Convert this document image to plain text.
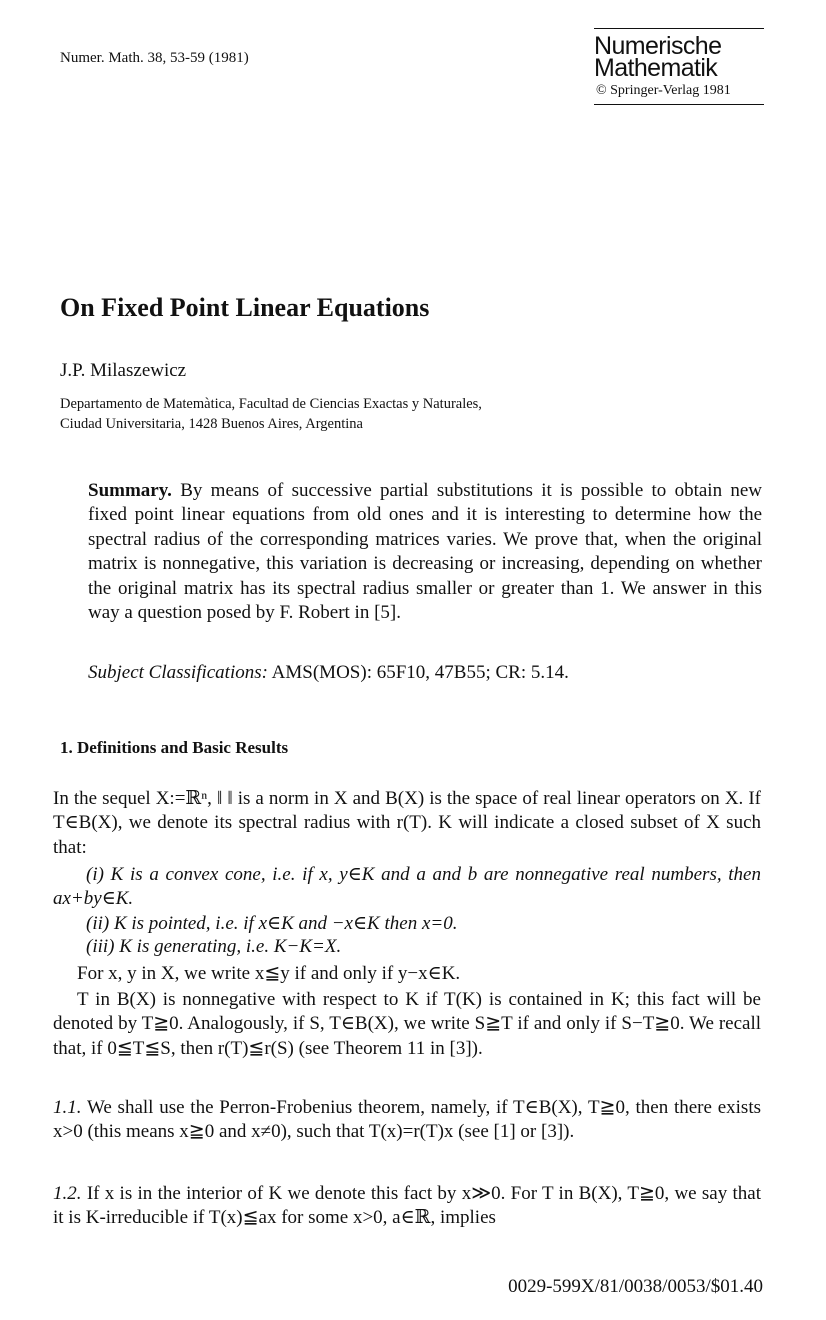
Numer. Math. 38, 53-59 (1981)	Numerische
Mathematik
© Springer-Verlag 1981
On Fixed Point Linear Equations
J.P. Milaszewicz
Departamento de Matemàtica, Facultad de Ciencias Exactas y Naturales,
Ciudad Universitaria, 1428 Buenos Aires, Argentina

Summary. By means of successive partial substitutions it is possible to obtain new fixed point linear equations from old ones and it is interesting to determine how the spectral radius of the corresponding matrices varies. We prove that, when the original matrix is nonnegative, this variation is decreasing or increasing, depending on whether the original matrix has its spectral radius smaller or greater than 1. We answer in this way a question posed by F. Robert in [5].

Subject Classifications: AMS(MOS): 65F10, 47B55; CR: 5.14.
1. Definitions and Basic Results

In the sequel X:=ℝⁿ, ‖ ‖ is a norm in X and B(X) is the space of real linear operators on X. If T∈B(X), we denote its spectral radius with r(T). K will indicate a closed subset of X such that:

(i) K is a convex cone, i.e. if x, y∈K and a and b are nonnegative real numbers, then ax+by∈K.

(ii) K is pointed, i.e. if x∈K and −x∈K then x=0.
(iii) K is generating, i.e. K−K=X.

For x, y in X, we write x≦y if and only if y−x∈K.

T in B(X) is nonnegative with respect to K if T(K) is contained in K; this fact will be denoted by T≧0. Analogously, if S, T∈B(X), we write S≧T if and only if S−T≧0. We recall that, if 0≦T≦S, then r(T)≦r(S) (see Theorem 11 in [3]).

1.1. We shall use the Perron-Frobenius theorem, namely, if T∈B(X), T≧0, then there exists x>0 (this means x≧0 and x≠0), such that T(x)=r(T)x (see [1] or [3]).

1.2. If x is in the interior of K we denote this fact by x≫0. For T in B(X), T≧0, we say that it is K-irreducible if T(x)≦ax for some x>0, a∈ℝ, implies

0029-599X/81/0038/0053/$01.40
